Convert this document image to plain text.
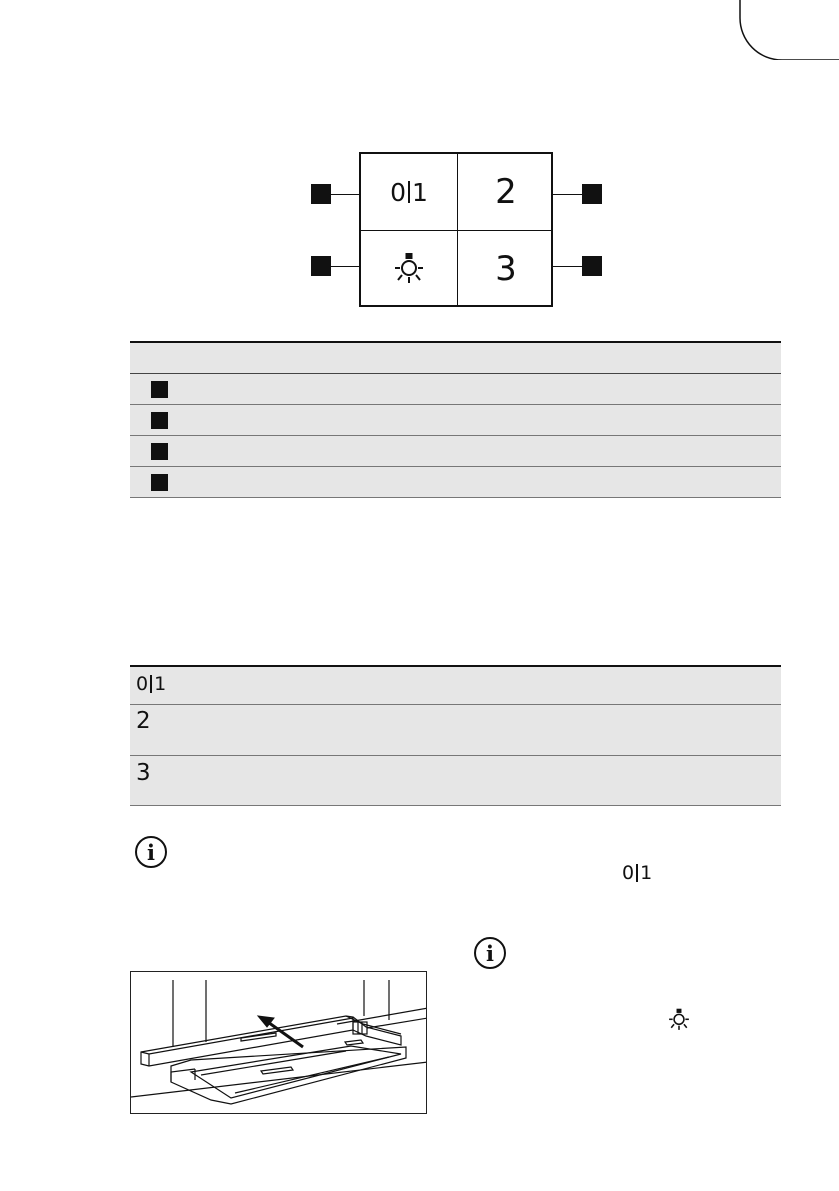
0 1 2
3
0 1
2
3
i
0 1
i
